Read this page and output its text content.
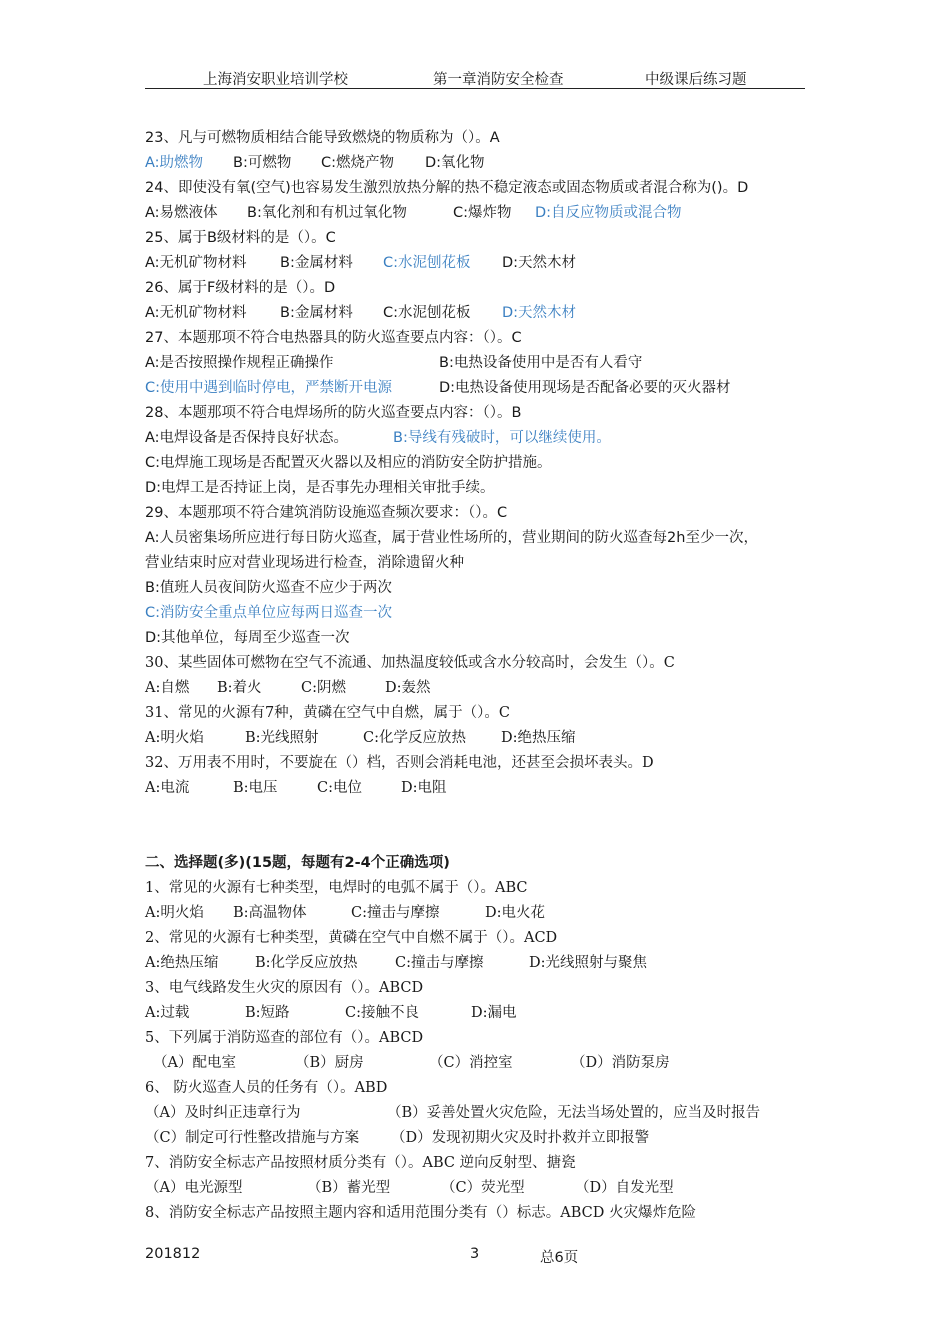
上海消安职业培训学校	第一章消防安全检查	中级课后练习题
23、凡与可燃物质相结合能导致燃烧的物质称为（）。A
A:助燃物 B:可燃物 C:燃烧产物 D:氧化物
24、即使没有氧(空气)也容易发生激烈放热分解的热不稳定液态或固态物质或者混合称为()。D
A:易燃液体 B:氧化剂和有机过氧化物	C:爆炸物 D:自反应物质或混合物
25、属于B级材料的是（）。C
A:无机矿物材料 B:金属材料 C:水泥刨花板 D:天然木材
26、属于F级材料的是（）。D
A:无机矿物材料 B:金属材料 C:水泥刨花板 D:天然木材
27、本题那项不符合电热器具的防火巡查要点内容：（）。C
A:是否按照操作规程正确操作	B:电热设备使用中是否有人看守
C:使用中遇到临时停电，严禁断开电源	D:电热设备使用现场是否配备必要的灭火器材
28、本题那项不符合电焊场所的防火巡查要点内容：（）。B
A:电焊设备是否保持良好状态。	B:导线有残破时，可以继续使用。
C:电焊施工现场是否配置灭火器以及相应的消防安全防护措施。
D:电焊工是否持证上岗，是否事先办理相关审批手续。
29、本题那项不符合建筑消防设施巡查频次要求：（）。C
A:人员密集场所应进行每日防火巡查，属于营业性场所的，营业期间的防火巡查每2h至少一次，
营业结束时应对营业现场进行检查，消除遗留火种
B:值班人员夜间防火巡查不应少于两次
C:消防安全重点单位应每两日巡查一次
D:其他单位，每周至少巡查一次
30、某些固体可燃物在空气不流通、加热温度较低或含水分较高时，会发生（）。C
A:自燃 B:着火	C:阴燃	D:轰然
31、常见的火源有7种，黄磷在空气中自燃，属于（）。C
A:明火焰	B:光线照射	C:化学反应放热 D:绝热压缩
32、万用表不用时，不要旋在（）档，否则会消耗电池，还甚至会损坏表头。D
A:电流	B:电压	C:电位	D:电阻
二、选择题(多)(15题，每题有2-4个正确选项)
1、常见的火源有七种类型，电焊时的电弧不属于（）。ABC
A:明火焰 B:高温物体	C:撞击与摩擦	D:电火花
2、常见的火源有七种类型，黄磷在空气中自燃不属于（）。ACD
A:绝热压缩	B:化学反应放热	C:撞击与摩擦	D:光线照射与聚焦
3、电气线路发生火灾的原因有（）。ABCD
A:过载	B:短路	C:接触不良	D:漏电
5、下列属于消防巡查的部位有（）。ABCD
（A）配电室	（B）厨房	（C）消控室	（D）消防泵房
6、 防火巡查人员的任务有（）。ABD
（A）及时纠正违章行为	（B）妥善处置火灾危险，无法当场处置的，应当及时报告
（C）制定可行性整改措施与方案 （D）发现初期火灾及时扑救并立即报警
7、消防安全标志产品按照材质分类有（）。ABC 逆向反射型、搪瓷
（A）电光源型	（B）蓄光型	（C）荧光型	（D）自发光型
8、消防安全标志产品按照主题内容和适用范围分类有（）标志。ABCD 火灾爆炸危险
201812	3	总6页
